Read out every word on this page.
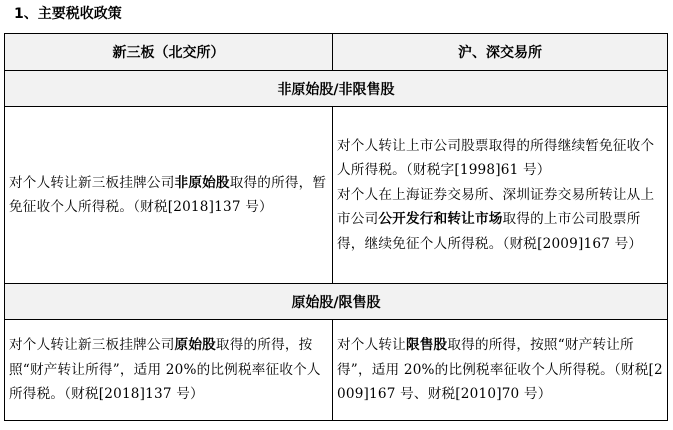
1、主要税收政策
新三板（北交所）	沪、深交易所
非原始股/非限售股	
对个人转让新三板挂牌公司非原始股取得的所得，暂免征收个人所得税。（财税[2018]137 号）	对个人转让上市公司股票取得的所得继续暂免征收个人所得税。（财税字[1998]61 号）
对个人在上海证券交易所、深圳证券交易所转让从上市公司公开发行和转让市场取得的上市公司股票所得，继续免征个人所得税。（财税[2009]167 号）

原始股/限售股	
对个人转让新三板挂牌公司原始股取得的所得，按照“财产转让所得”，适用 20%的比例税率征收个人所得税。（财税[2018]137 号）	对个人转让限售股取得的所得，按照“财产转让所得”，适用 20%的比例税率征收个人所得税。（财税[2009]167 号、财税[2010]70 号）
